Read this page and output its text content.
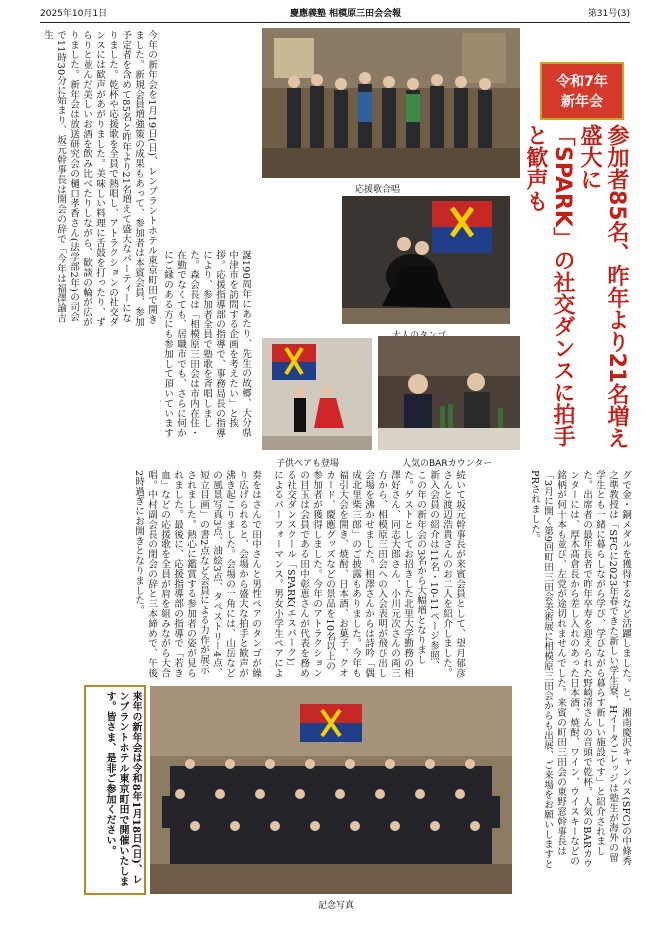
2025年10月1日	慶應義塾 相模原三田会会報	第31号(3)
今年の新年会を1月19日(日)、レンブラントホテル東京町田で開きました。新規会員増強策の成果もあって、参加者は本賓会員、参加予定者を含めて85名と昨年より21名増えて盛大なパーティーになりました。乾杯や応援歌を全員で熱唱し、アトラクションの社交ダンスには歓声があがりました。美味しい料理に舌鼓を打ったり、ずらりと並んだ美しいお酒を飲み比べたりしながら、歓談の輪が広がりました。新年会は放送研究会の樋口孝香さん(法学部2年)の司会で11時30分に始まり、坂元幹事長は開会の辞で「今年は福澤諭吉生
誕190周年にあたり、先生の故郷、大分県中津市を訪問する企画を考えたい」と挨拶。応援指導部の指導で、事務局長の指導により、参加者全員で塾歌を斉唱しました。森会長は「相模原三田会は市内在住・在勤でなくても、居職市でも、さらに何かにご縁のある方にも参加して頂いています
応援歌合唱
令和7年
新年会
参加者85名、昨年より21名増え盛大に
「SPARK」の社交ダンスに拍手と歓声も
子供ペアも登場	人気のBARカウンター
グで金・銅メダルを獲得するなど活躍しました。と、湘南慶沢キャンパス(SFC)の中條秀之準教授は「SFCに2023年春できた新しい学生寮、Hイータごレッジは塾生が海外の留学生とも一緒に暮らしながら学び、学びながら暮らす新しい施設です」と紹介されました。出席者の最年長者で昨年卒寿を迎えられた野崎清さんの音頭で乾杯。人気のBARカウンターには、厚木髙倉長から差し入れのあった日本酒、焼酎、ワイン、ウイスキーなどの銘柄が何十本も並び、左党が途切れませんでした。来賓の町田三田会の東野窓幹事長は「3月に開く第9回町田三田会美術展に相模原三田会からも出展、ご来場をお願いしますとPRされました。
続いて坂元幹事長が来賓会員として、望月郁彦さんと渡辺浩貴さんのお二人を紹介しました。新入会員の紹介は11名・10-11ページ参照、この年の新年会の3名から大幅増となりました。ゲストとしてお招きした北里大学勤務の相澤好さん、同志大郎さん、小川元次さんの両三方から、相模原三田会への入会表明が飛び出し会場を沸かせました。相澤さんからは詩吟「偶成北里柴三郎」のご披露もありました。今年も福引大会を開き、焼酎、日本酒、お菓子、クオカード、慶應グッズなどの景品を10名以上の参加者が獲得しました。今年のアトラクションの目玉は会員である田中彰恵さんが代表を務める社交ダンスクール「SPARK(エスパーク)」によるパーフォーマンス。男女小学生ペアによ
奏をはさんで田中さんと男性ペアのタンゴが繰り広げられると、会場から盛大な拍手と歓声が沸き起こりました。会場の一角には、山岳などの風景写真3点、油絵3点、タペストリー4点、短立目画」の書2点など会員による力作が展示されました。熱心に鑑賞する参加者の姿が見られました。最後に、応援指導部の指導で「若き血」などの応援歌を全員が肩を組みながら大合唱。中村副会長の閉会の辞と三本締めで、午後2時過ぎにお開きとなりました。
来年の新年会は令和8年1月18日(日)、レンブラントホテル東京町田で開催いたします。皆さま、是非ご参加ください。
記念写真
